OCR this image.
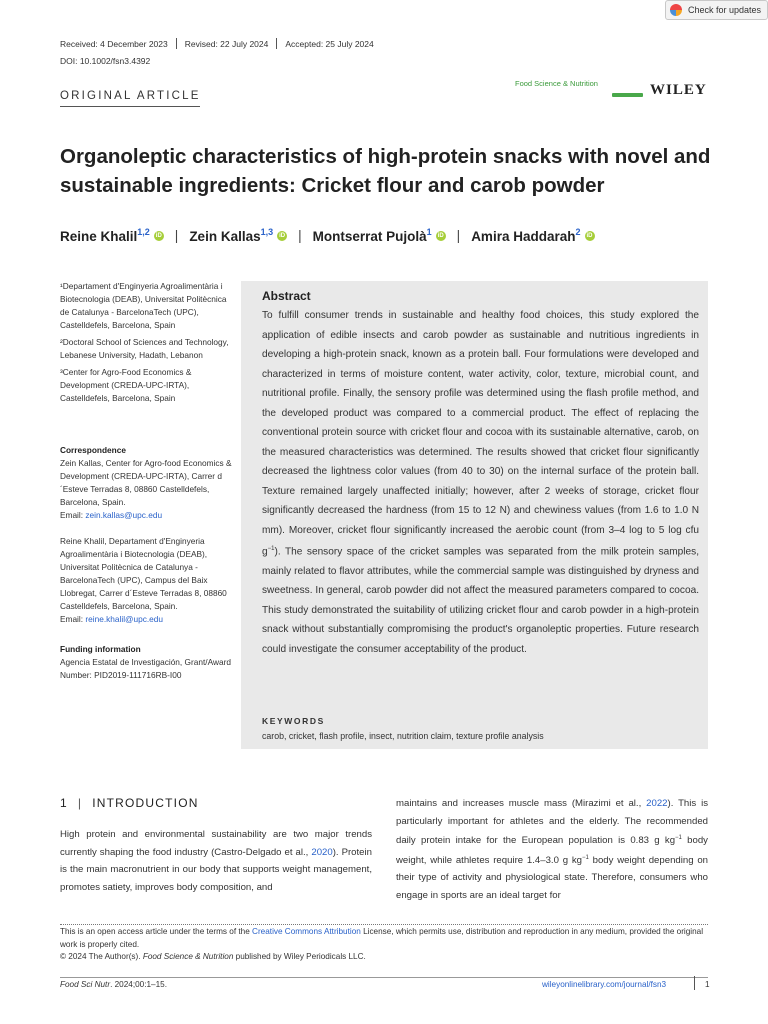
Check for updates
Received: 4 December 2023 Revised: 22 July 2024 Accepted: 25 July 2024
DOI: 10.1002/fsn3.4392
ORIGINAL ARTICLE
Food Science & Nutrition	WILEY
Organoleptic characteristics of high-protein snacks with novel and sustainable ingredients: Cricket flour and carob powder
Reine Khalil$^{1,2}$	iD | Zein Kallas$^{1,3}$	iD | Montserrat Pujolà$^1$	iD | Amira Haddarah$^2$	iD

¹Departament d'Enginyeria Agroalimentària i Biotecnologia (DEAB), Universitat Politècnica de Catalunya - BarcelonaTech (UPC), Castelldefels, Barcelona, Spain

²Doctoral School of Sciences and Technology, Lebanese University, Hadath, Lebanon

³Center for Agro-Food Economics & Development (CREDA-UPC-IRTA), Castelldefels, Barcelona, Spain

Correspondence

Zein Kallas, Center for Agro-food Economics & Development (CREDA-UPC-IRTA), Carrer d´Esteve Terradas 8, 08860 Castelldefels, Barcelona, Spain.

Email: zein.kallas@upc.edu

Reine Khalil, Departament d'Enginyeria Agroalimentària i Biotecnologia (DEAB), Universitat Politècnica de Catalunya - BarcelonaTech (UPC), Campus del Baix Llobregat, Carrer d´Esteve Terradas 8, 08860 Castelldefels, Barcelona, Spain.

Email: reine.khalil@upc.edu

Funding information

Agencia Estatal de Investigación, Grant/Award Number: PID2019-111716RB-I00

Abstract
To fulfill consumer trends in sustainable and healthy food choices, this study explored the application of edible insects and carob powder as sustainable and nutritious ingredients in developing a high-protein snack, known as a protein ball. Four formulations were developed and characterized in terms of moisture content, water activity, color, texture, microbial count, and nutritional profile. Finally, the sensory profile was determined using the flash profile method, and the developed product was compared to a commercial product. The effect of replacing the conventional protein source with cricket flour and cocoa with its sustainable alternative, carob, on the measured characteristics was determined. The results showed that cricket flour significantly decreased the lightness color values (from 40 to 30) on the internal surface of the protein ball. Texture remained largely unaffected initially; however, after 2 weeks of storage, cricket flour significantly decreased the hardness (from 15 to 12 N) and chewiness values (from 1.6 to 1.0 N mm). Moreover, cricket flour significantly increased the aerobic count (from 3–4 log to 5 log cfu $g^{-1}$). The sensory space of the cricket samples was separated from the milk protein samples, mainly related to flavor attributes, while the commercial sample was distinguished by dryness and sweetness. In general, carob powder did not affect the measured parameters compared to cocoa. This study demonstrated the suitability of utilizing cricket flour and carob powder in a high-protein snack without substantially compromising the product's organoleptic properties. Future research could investigate the consumer acceptability of the product.
KEYWORDS
carob, cricket, flash profile, insect, nutrition claim, texture profile analysis
1 | INTRODUCTION
High protein and environmental sustainability are two major trends currently shaping the food industry (Castro-Delgado et al., 2020). Protein is the main macronutrient in our body that supports weight management, promotes satiety, improves body composition, and
maintains and increases muscle mass (Mirazimi et al., 2022). This is particularly important for athletes and the elderly. The recommended daily protein intake for the European population is 0.83 g $kg^{-1}$ body weight, while athletes require 1.4–3.0 g $kg^{-1}$ body weight depending on their type of activity and physiological state. Therefore, consumers who engage in sports are an ideal target for

This is an open access article under the terms of the Creative Commons Attribution License, which permits use, distribution and reproduction in any medium, provided the original work is properly cited.

© 2024 The Author(s). Food Science & Nutrition published by Wiley Periodicals LLC.

Food Sci Nutr. 2024;00:1–15.	wileyonlinelibrary.com/journal/fsn3	1
